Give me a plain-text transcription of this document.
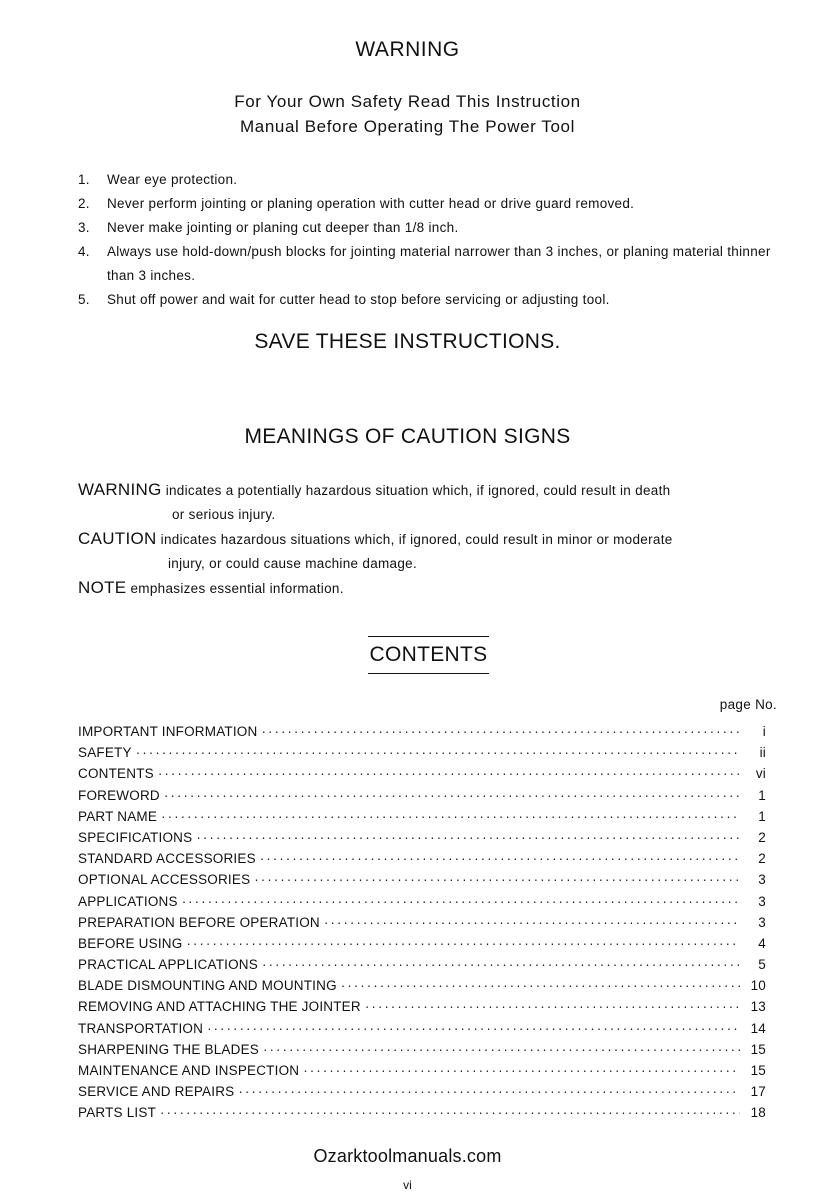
WARNING
For Your Own Safety Read This Instruction
Manual Before Operating The Power Tool
1.	Wear eye protection.
2.	Never perform jointing or planing operation with cutter head or drive guard removed.
3.	Never make jointing or planing cut deeper than 1/8 inch.
4.	Always use hold-down/push blocks for jointing material narrower than 3 inches, or planing material thinner than 3 inches.
5.	Shut off power and wait for cutter head to stop before servicing or adjusting tool.
SAVE THESE INSTRUCTIONS.
MEANINGS OF CAUTION SIGNS
WARNING indicates a potentially hazardous situation which, if ignored, could result in death
or serious injury.
CAUTION indicates hazardous situations which, if ignored, could result in minor or moderate
injury, or could cause machine damage.
NOTE emphasizes essential information.
CONTENTS
page No.
IMPORTANT INFORMATION ·····	i
SAFETY ·····	ii
CONTENTS ·····	vi
FOREWORD ·····	1
PART NAME ·····	1
SPECIFICATIONS ·····	2
STANDARD ACCESSORIES ·····	2
OPTIONAL ACCESSORIES ·····	3
APPLICATIONS ·····	3
PREPARATION BEFORE OPERATION ·····	3
BEFORE USING ·····	4
PRACTICAL APPLICATIONS ·····	5
BLADE DISMOUNTING AND MOUNTING ·····	10
REMOVING AND ATTACHING THE JOINTER ·····	13
TRANSPORTATION ·····	14
SHARPENING THE BLADES ·····	15
MAINTENANCE AND INSPECTION ·····	15
SERVICE AND REPAIRS ·····	17
PARTS LIST ·····	18
Ozarktoolmanuals.com
vi
